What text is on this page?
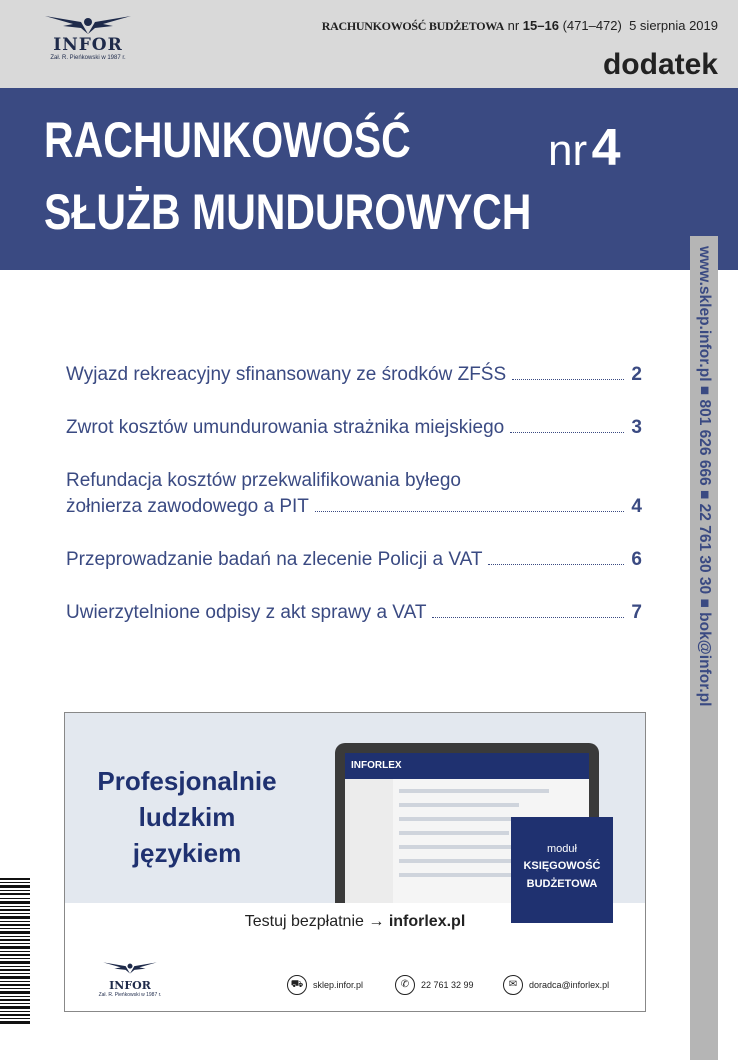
INFOR
Zał. R. Pieńkowski w 1987 r.
RACHUNKOWOŚĆ BUDŻETOWA nr 15–16 (471–472) 5 sierpnia 2019
dodatek
RACHUNKOWOŚĆ
SŁUŻB MUNDUROWYCH
nr 4
www.sklep.infor.pl ■ 801 626 666 ■ 22 761 30 30 ■ bok@infor.pl
Wyjazd rekreacyjny sfinansowany ze środków ZFŚS	2
Zwrot kosztów umundurowania strażnika miejskiego	3
Refundacja kosztów przekwalifikowania byłego
żołnierza zawodowego a PIT	4
Przeprowadzanie badań na zlecenie Policji a VAT	6
Uwierzytelnione odpisy z akt sprawy a VAT	7
Profesjonalnie
ludzkim
językiem
INFORLEX
moduł
KSIĘGOWOŚĆ
BUDŻETOWA
Testuj bezpłatnie → inforlex.pl
INFOR
Zał. R. Pieńkowski w 1987 r.
⛟	sklep.infor.pl	✆	22 761 32 99	✉	doradca@inforlex.pl
